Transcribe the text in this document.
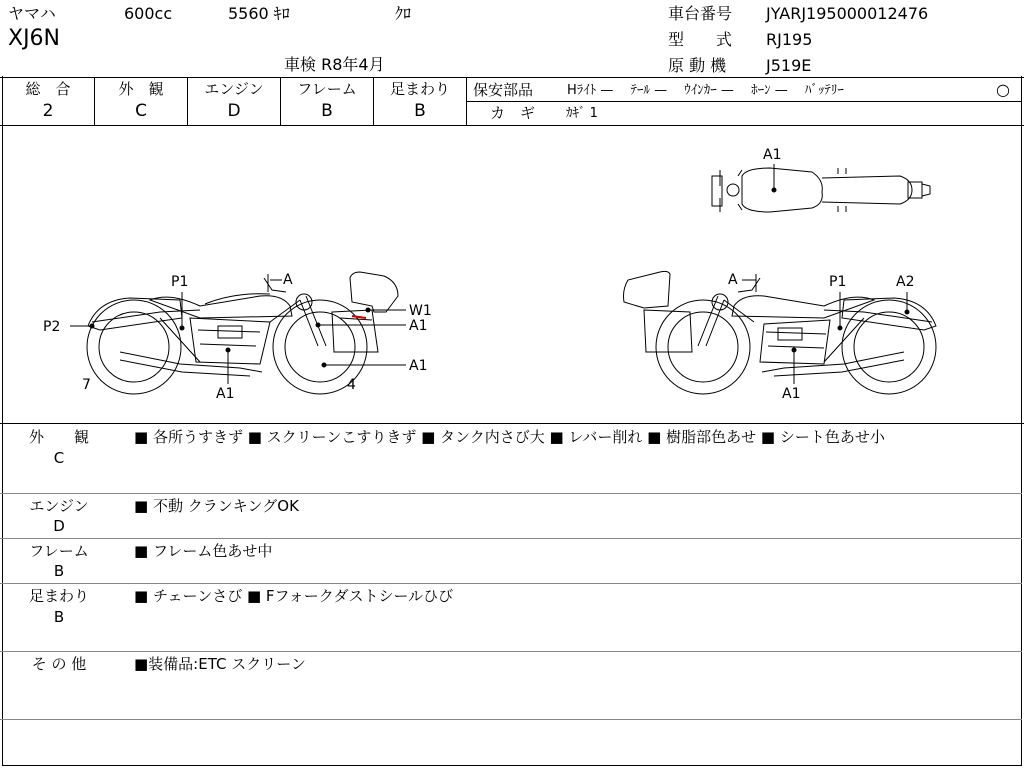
ヤマハ	600cc	5560 ｷﾛ	ｸﾛ
XJ6N
車検 R8年4月
車台番号 JYARJ195000012476
型　　式 RJ195
原 動 機 J519E
総　合
2
外　観
C
エンジン
D
フレーム
B
足まわり
B
保安部品	Hﾗｲﾄ —　 ﾃｰﾙ —　 ｳｲﾝｶｰ —　 ﾎｰﾝ —　 ﾊﾞｯﾃﾘｰ	○
カ　ギ ｶｷﾞ 1
P1	A
W1
A1
P2
A1
A1
7	4
A1
A	P1	A2
A1
外　　観
C
■ 各所うすきず ■ スクリーンこすりきず ■ タンク内さび大 ■ レバー削れ ■ 樹脂部色あせ ■ シート色あせ小
エンジン
D
■ 不動 クランキングOK
フレーム
B
■ フレーム色あせ中
足まわり
B
■ チェーンさび ■ Fフォークダストシールひび
そ の 他	■装備品:ETC スクリーン
